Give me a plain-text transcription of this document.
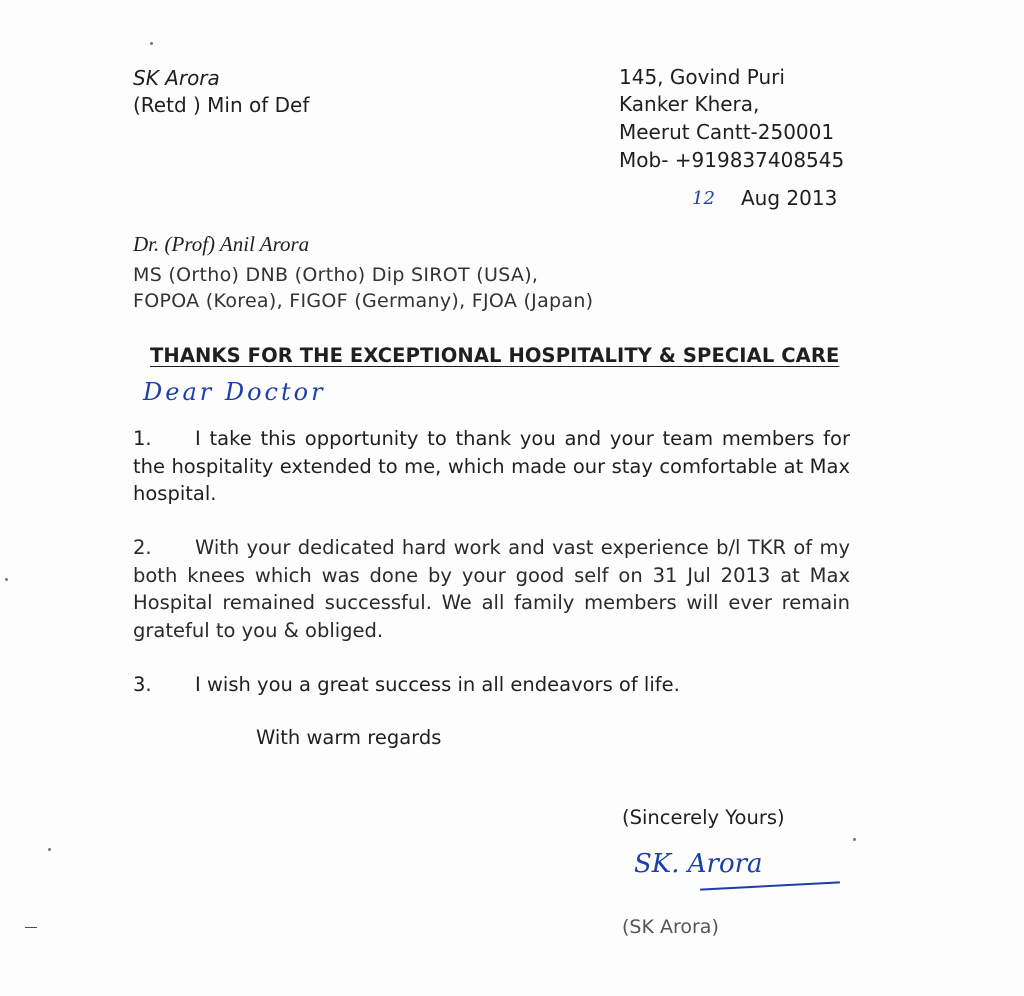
SK Arora
(Retd ) Min of Def
145, Govind Puri
Kanker Khera,
Meerut Cantt-250001
Mob- +919837408545
12 Aug 2013
Dr. (Prof) Anil Arora
MS (Ortho) DNB (Ortho) Dip SIROT (USA),
FOPOA (Korea), FIGOF (Germany), FJOA (Japan)
THANKS FOR THE EXCEPTIONAL HOSPITALITY & SPECIAL CARE
Dear Doctor
1. I take this opportunity to thank you and your team members for the hospitality extended to me, which made our stay comfortable at Max hospital.
2. With your dedicated hard work and vast experience b/l TKR of my both knees which was done by your good self on 31 Jul 2013 at Max Hospital remained successful. We all family members will ever remain grateful to you & obliged.
3. I wish you a great success in all endeavors of life.
With warm regards
(Sincerely Yours)
SK. Arora
(SK Arora)
